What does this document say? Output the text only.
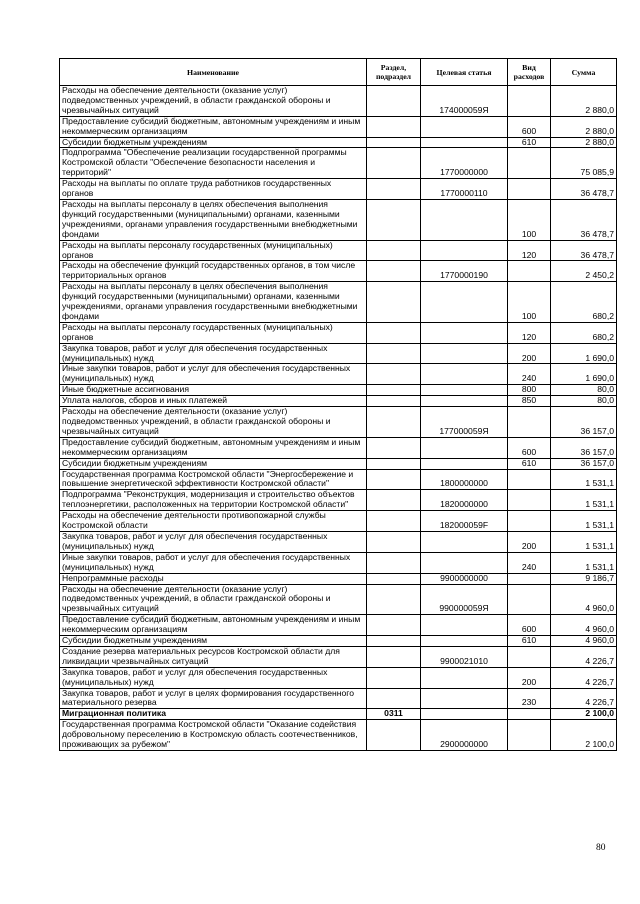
Наименование	Раздел, подраздел	Целевая статья	Вид расходов	Сумма
Расходы на обеспечение деятельности (оказание услуг) подведомственных учреждений, в области гражданской обороны и чрезвычайных ситуаций		174000059Я		2 880,0
Предоставление субсидий бюджетным, автономным учреждениям и иным некоммерческим организациям			600	2 880,0
Субсидии бюджетным учреждениям			610	2 880,0
Подпрограмма "Обеспечение реализации государственной программы Костромской области "Обеспечение безопасности населения и территорий"		1770000000		75 085,9
Расходы на выплаты по оплате труда работников государственных органов		1770000110		36 478,7
Расходы на выплаты персоналу в целях обеспечения выполнения функций государственными (муниципальными) органами, казенными учреждениями, органами управления государственными внебюджетными фондами			100	36 478,7
Расходы на выплаты персоналу государственных (муниципальных) органов			120	36 478,7
Расходы на обеспечение функций государственных органов, в том числе территориальных органов		1770000190		2 450,2
Расходы на выплаты персоналу в целях обеспечения выполнения функций государственными (муниципальными) органами, казенными учреждениями, органами управления государственными внебюджетными фондами			100	680,2
Расходы на выплаты персоналу государственных (муниципальных) органов			120	680,2
Закупка товаров, работ и услуг для обеспечения государственных (муниципальных) нужд			200	1 690,0
Иные закупки товаров, работ и услуг для обеспечения государственных (муниципальных) нужд			240	1 690,0
Иные бюджетные ассигнования			800	80,0
Уплата налогов, сборов и иных платежей			850	80,0
Расходы на обеспечение деятельности (оказание услуг) подведомственных учреждений, в области гражданской обороны и чрезвычайных ситуаций		177000059Я		36 157,0
Предоставление субсидий бюджетным, автономным учреждениям и иным некоммерческим организациям			600	36 157,0
Субсидии бюджетным учреждениям			610	36 157,0
Государственная программа Костромской области "Энергосбережение и повышение энергетической эффективности Костромской области"		1800000000		1 531,1
Подпрограмма "Реконструкция, модернизация и строительство объектов теплоэнергетики, расположенных на территории Костромской области"		1820000000		1 531,1
Расходы на обеспечение деятельности противопожарной службы Костромской области		182000059F		1 531,1
Закупка товаров, работ и услуг для обеспечения государственных (муниципальных) нужд			200	1 531,1
Иные закупки товаров, работ и услуг для обеспечения государственных (муниципальных) нужд			240	1 531,1
Непрограммные расходы		9900000000		9 186,7
Расходы на обеспечение деятельности (оказание услуг) подведомственных учреждений, в области гражданской обороны и чрезвычайных ситуаций		990000059Я		4 960,0
Предоставление субсидий бюджетным, автономным учреждениям и иным некоммерческим организациям			600	4 960,0
Субсидии бюджетным учреждениям			610	4 960,0
Создание резерва материальных ресурсов Костромской области для ликвидации чрезвычайных ситуаций		9900021010		4 226,7
Закупка товаров, работ и услуг для обеспечения государственных (муниципальных) нужд			200	4 226,7
Закупка товаров, работ и услуг в целях формирования государственного материального резерва			230	4 226,7
Миграционная политика	0311			2 100,0
Государственная программа Костромской области "Оказание содействия добровольному переселению в Костромскую область соотечественников, проживающих за рубежом"		2900000000		2 100,0
80
